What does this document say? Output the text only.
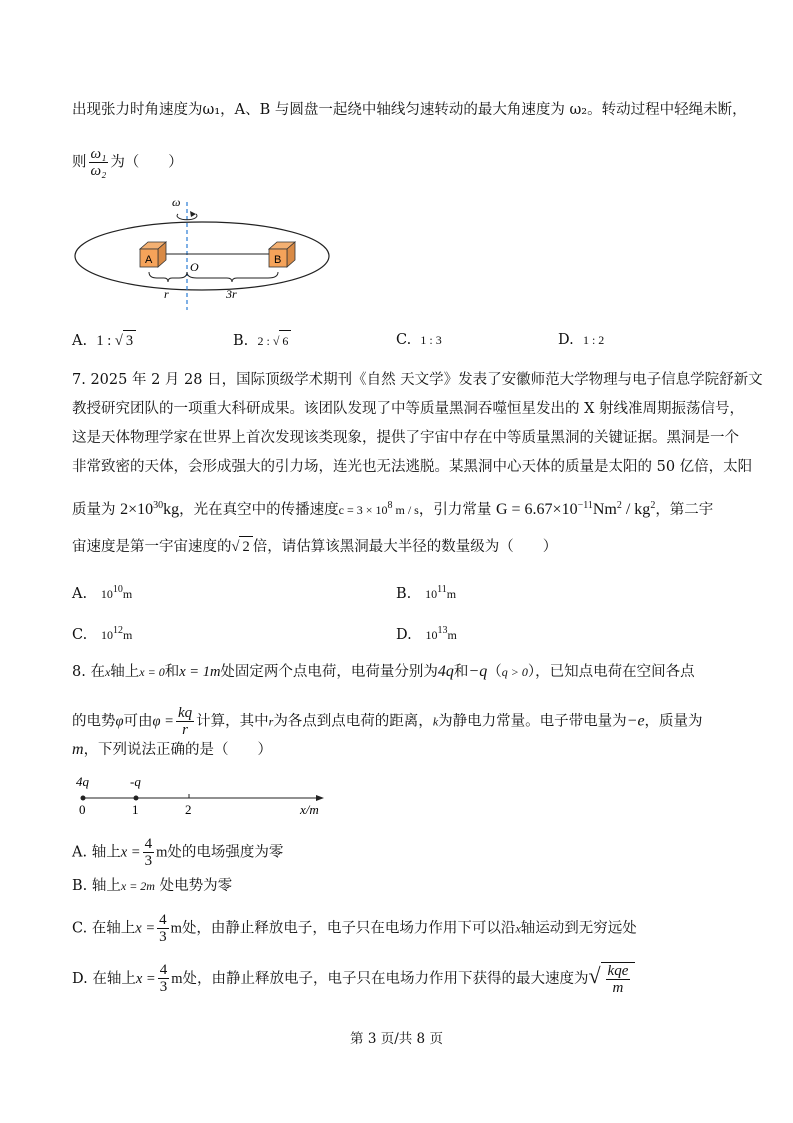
出现张力时角速度为ω₁，A、B 与圆盘一起绕中轴线匀速转动的最大角速度为 ω₂。转动过程中轻绳未断，
则 $\frac{\text{ω₁}}{\text{ω₂}}$ 为（　　）
ω
A	B
O
r	3r
A. 1 : √ 3	B. 2 : √ 6	C. 1 : 3	D. 1 : 2
7. 2025 年 2 月 28 日，国际顶级学术期刊《自然 天文学》发表了安徽师范大学物理与电子信息学院舒新文
教授研究团队的一项重大科研成果。该团队发现了中等质量黑洞吞噬恒星发出的 X 射线准周期振荡信号，
这是天体物理学家在世界上首次发现该类现象，提供了宇宙中存在中等质量黑洞的关键证据。黑洞是一个
非常致密的天体，会形成强大的引力场，连光也无法逃脱。某黑洞中心天体的质量是太阳的 50 亿倍，太阳
质量为 $2\times 10^{30}kg$，光在真空中的传播速度$c = 3 \times 10^8$ m / s，引力常量 $G = 6.67\times 10^{-11}Nm^2 / kg^2$，第二宇
宙速度是第一宇宙速度的√ 2 倍，请估算该黑洞最大半径的数量级为（　　）
A. $10^{10}m$	B. $10^{11}m$
C. $10^{12}m$	D. $10^{13}m$
8. 在x轴上x = 0和x = 1m处固定两个点电荷，电荷量分别为4q和−q（q > 0），已知点电荷在空间各点
的电势φ可由$\varphi = \frac{kq}{r}$ 计算，其中r为各点到点电荷的距离，k为静电力常量。电子带电量为−e，质量为
m，下列说法正确的是（　　）
4q	-q
0	1	2	x/m
A. 轴上$x = \frac{4}{3}$ m处的电场强度为零
B. 轴上x = 2m 处电势为零
C. 在轴上$x = \frac{4}{3}$ m处，由静止释放电子，电子只在电场力作用下可以沿x轴运动到无穷远处
D. 在轴上$x = \frac{4}{3}$ m处，由静止释放电子，电子只在电场力作用下获得的最大速度为√ $\frac{\text{kqe}}{m}$
第 3 页/共 8 页
